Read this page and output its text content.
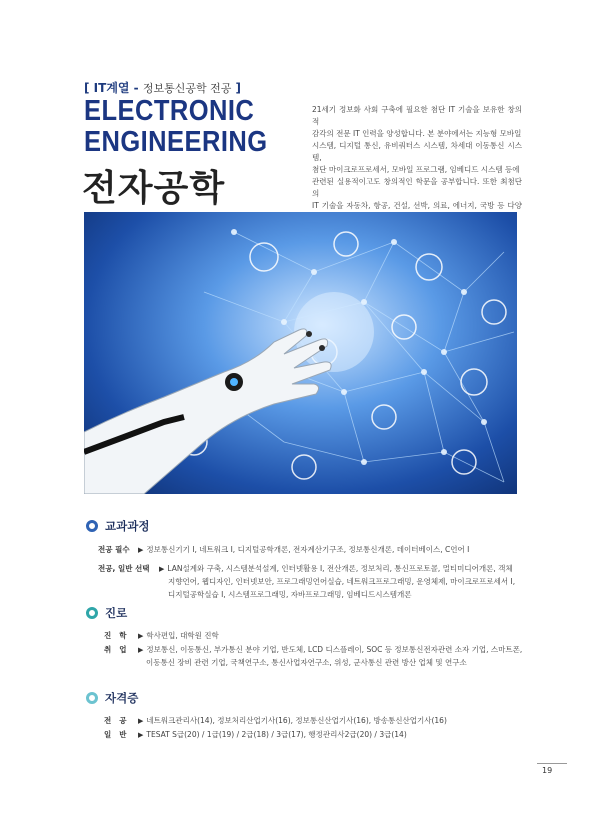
[ IT계열 - 정보통신공학 전공 ]
ELECTRONIC
ENGINEERING
전자공학
21세기 정보화 사회 구축에 필요한 첨단 IT 기술을 보유한 창의적
감각의 전문 IT 인력을 양성합니다. 본 분야에서는 지능형 모바일
시스템, 디지털 통신, 유비쿼터스 시스템, 차세대 이동통신 시스템,
첨단 마이크로프로세서, 모바일 프로그램, 임베디드 시스템 등에
관련된 실용적이고도 창의적인 학문을 공부합니다. 또한 최첨단의
IT 기술을 자동차, 항공, 건설, 선박, 의료, 에너지, 국방 등 다양
교과과정
전공 필수 ▶ 정보통신기기 I, 네트워크 I, 디지털공학개론, 전자계산기구조, 정보통신개론, 데이터베이스, C언어 I
전공, 일반 선택 ▶ LAN설계와 구축, 시스템분석설계, 인터넷활용 I, 전산개론, 정보처리, 통신프로토콜, 멀티미디어개론, 객체
지향언어, 웹디자인, 인터넷보안, 프로그래밍언어실습, 네트워크프로그래밍, 운영체제, 마이크로프로세서 I,
디지털공학실습 I, 시스템프로그래밍, 자바프로그래밍, 임베디드시스템개론
진로
진학 ▶ 학사편입, 대학원 진학
취업 ▶ 정보통신, 이동통신, 부가통신 분야 기업, 반도체, LCD 디스플레이, SOC 등 정보통신전자관련 소자 기업, 스마트폰,
이동통신 장비 관련 기업, 국책연구소, 통신사업자연구소, 위성, 군사통신 관련 방산 업체 및 연구소
자격증
전공 ▶ 네트워크관리사(14), 정보처리산업기사(16), 정보통신산업기사(16), 방송통신산업기사(16)
일반 ▶ TESAT S급(20) / 1급(19) / 2급(18) / 3급(17), 행정관리사2급(20) / 3급(14)
19
